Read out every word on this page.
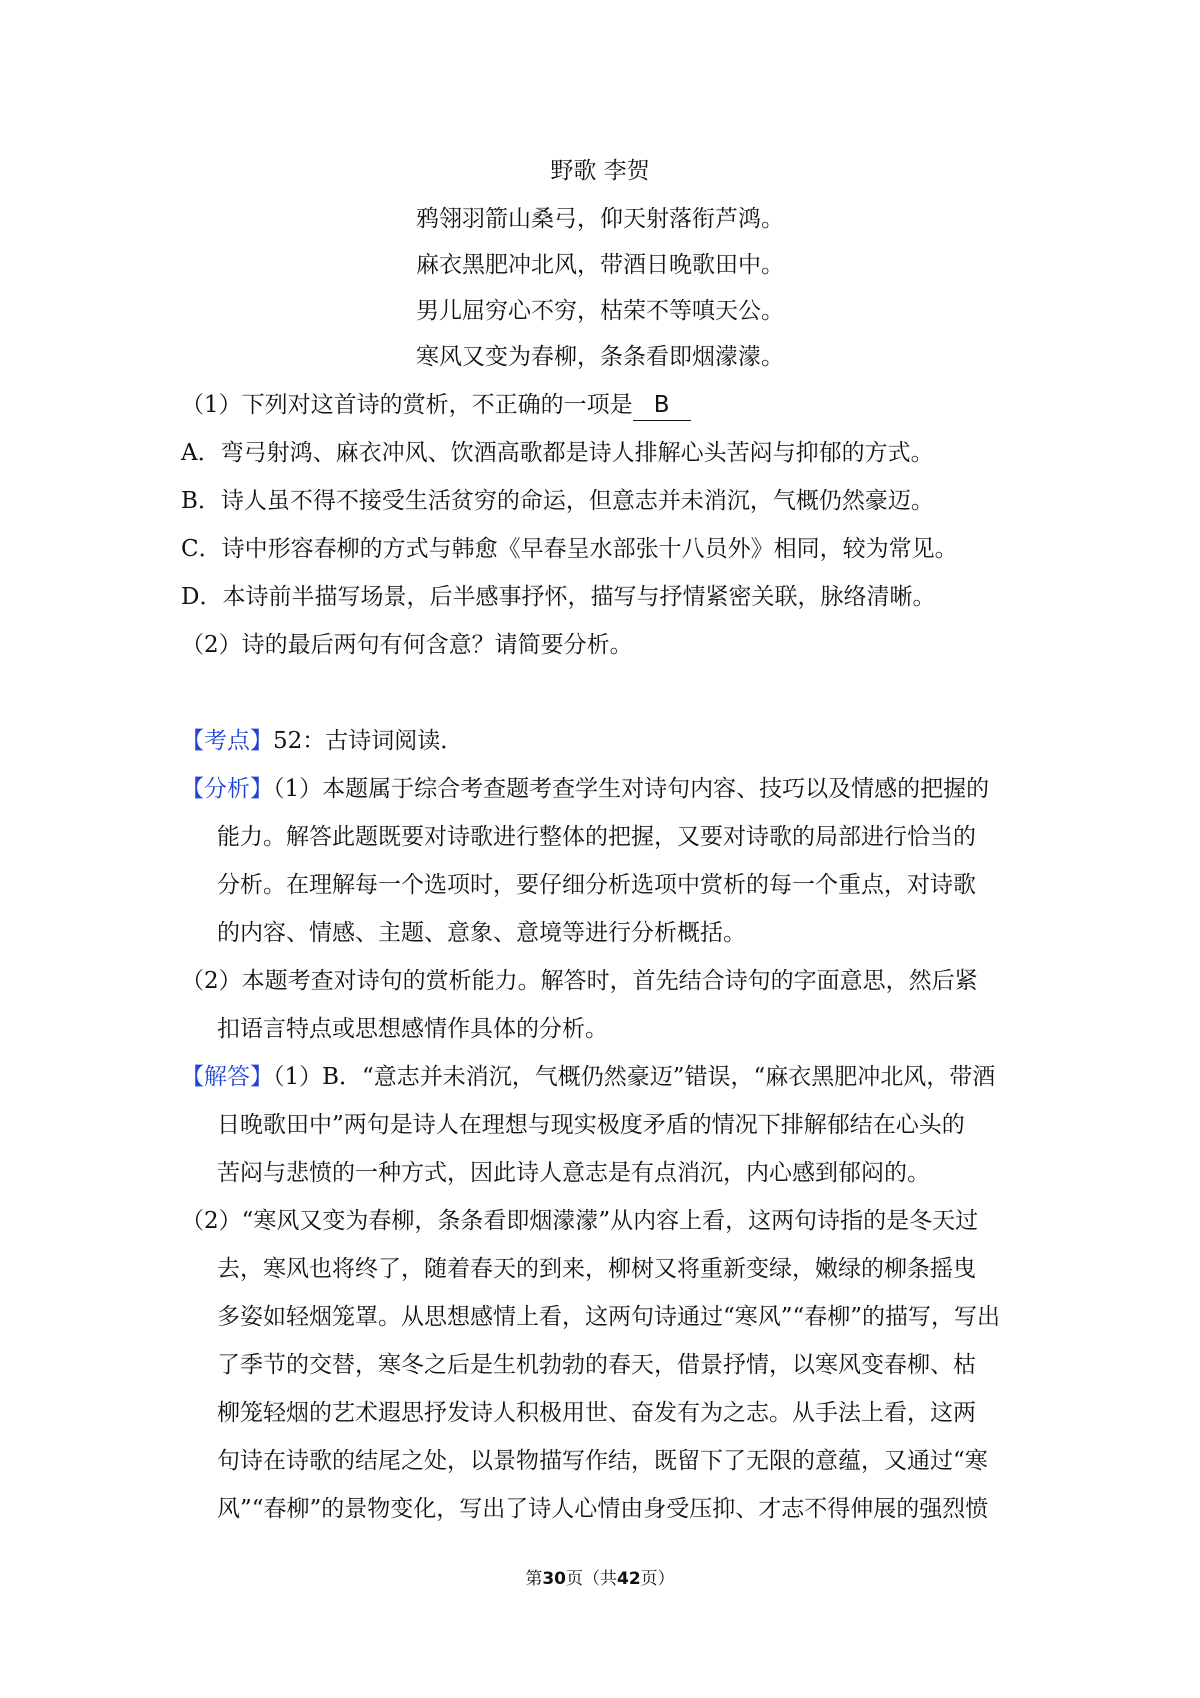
野歌 李贺
鸦翎羽箭山桑弓，仰天射落衔芦鸿。
麻衣黑肥冲北风，带酒日晚歌田中。
男儿屈穷心不穷，枯荣不等嗔天公。
寒风又变为春柳，条条看即烟濛濛。
（1）下列对这首诗的赏析，不正确的一项是 B
A．弯弓射鸿、麻衣冲风、饮酒高歌都是诗人排解心头苦闷与抑郁的方式。
B．诗人虽不得不接受生活贫穷的命运，但意志并未消沉，气概仍然豪迈。
C．诗中形容春柳的方式与韩愈《早春呈水部张十八员外》相同，较为常见。
D．本诗前半描写场景，后半感事抒怀，描写与抒情紧密关联，脉络清晰。
（2）诗的最后两句有何含意？请简要分析。
【考点】52：古诗词阅读．
【分析】（1）本题属于综合考查题考查学生对诗句内容、技巧以及情感的把握的
能力。解答此题既要对诗歌进行整体的把握，又要对诗歌的局部进行恰当的
分析。在理解每一个选项时，要仔细分析选项中赏析的每一个重点，对诗歌
的内容、情感、主题、意象、意境等进行分析概括。
（2）本题考查对诗句的赏析能力。解答时，首先结合诗句的字面意思，然后紧
扣语言特点或思想感情作具体的分析。
【解答】（1）B．“意志并未消沉，气概仍然豪迈”错误，“麻衣黑肥冲北风，带酒
日晚歌田中”两句是诗人在理想与现实极度矛盾的情况下排解郁结在心头的
苦闷与悲愤的一种方式，因此诗人意志是有点消沉，内心感到郁闷的。
（2）“寒风又变为春柳，条条看即烟濛濛”从内容上看，这两句诗指的是冬天过
去，寒风也将终了，随着春天的到来，柳树又将重新变绿，嫩绿的柳条摇曳
多姿如轻烟笼罩。从思想感情上看，这两句诗通过“寒风”“春柳”的描写，写出
了季节的交替，寒冬之后是生机勃勃的春天，借景抒情，以寒风变春柳、枯
柳笼轻烟的艺术遐思抒发诗人积极用世、奋发有为之志。从手法上看，这两
句诗在诗歌的结尾之处，以景物描写作结，既留下了无限的意蕴，又通过“寒
风”“春柳”的景物变化，写出了诗人心情由身受压抑、才志不得伸展的强烈愤
第30页（共42页）
